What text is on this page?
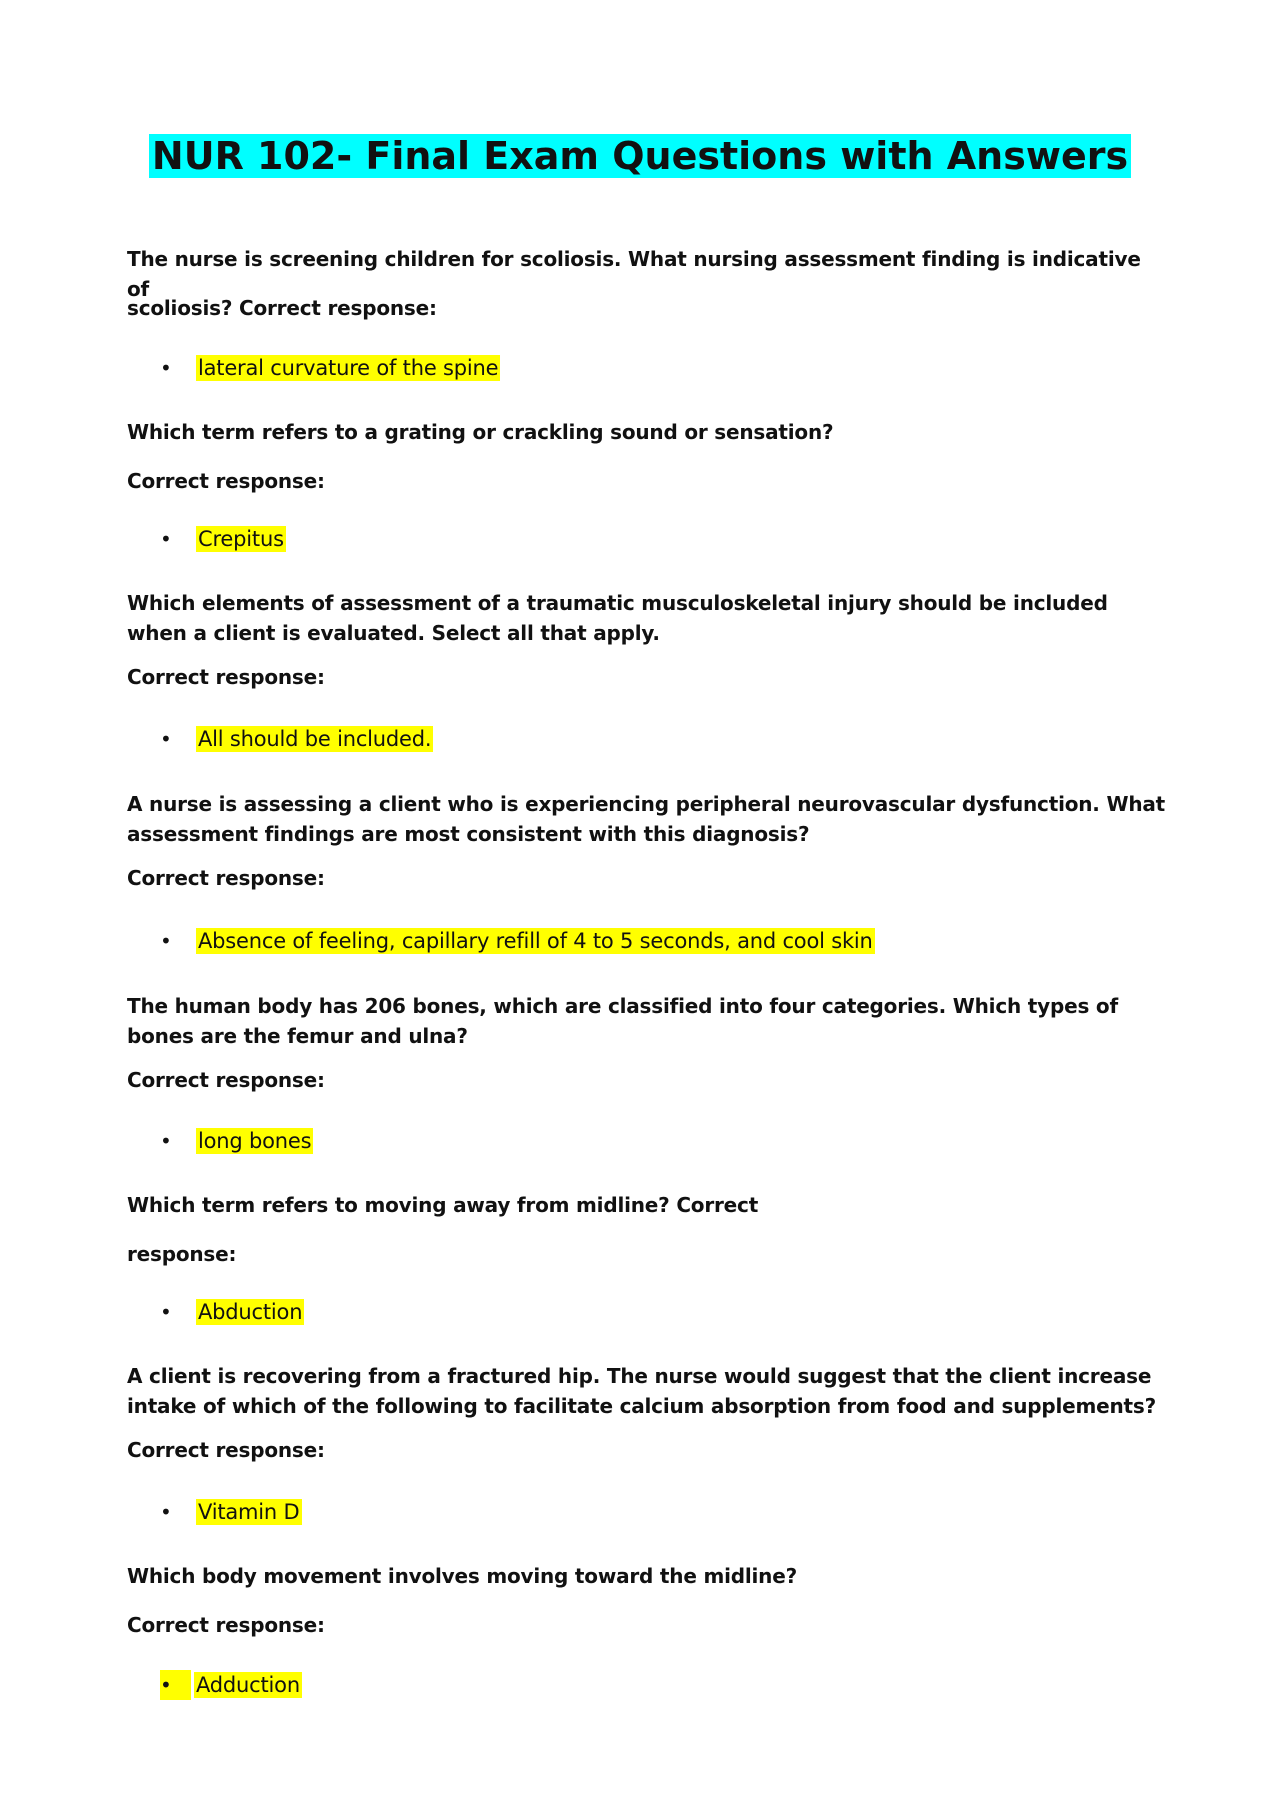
NUR 102- Final Exam Questions with Answers

The nurse is screening children for scoliosis. What nursing assessment finding is indicative of

scoliosis? Correct response:

• lateral curvature of the spine

Which term refers to a grating or crackling sound or sensation?

Correct response:

• Crepitus

Which elements of assessment of a traumatic musculoskeletal injury should be included when a client is evaluated. Select all that apply.

Correct response:

• All should be included.

A nurse is assessing a client who is experiencing peripheral neurovascular dysfunction. What assessment findings are most consistent with this diagnosis?

Correct response:

• Absence of feeling, capillary refill of 4 to 5 seconds, and cool skin

The human body has 206 bones, which are classified into four categories. Which types of bones are the femur and ulna?

Correct response:

• long bones

Which term refers to moving away from midline? Correct

response:

• Abduction

A client is recovering from a fractured hip. The nurse would suggest that the client increase intake of which of the following to facilitate calcium absorption from food and supplements?

Correct response:

• Vitamin D

Which body movement involves moving toward the midline?

Correct response:

• Adduction
